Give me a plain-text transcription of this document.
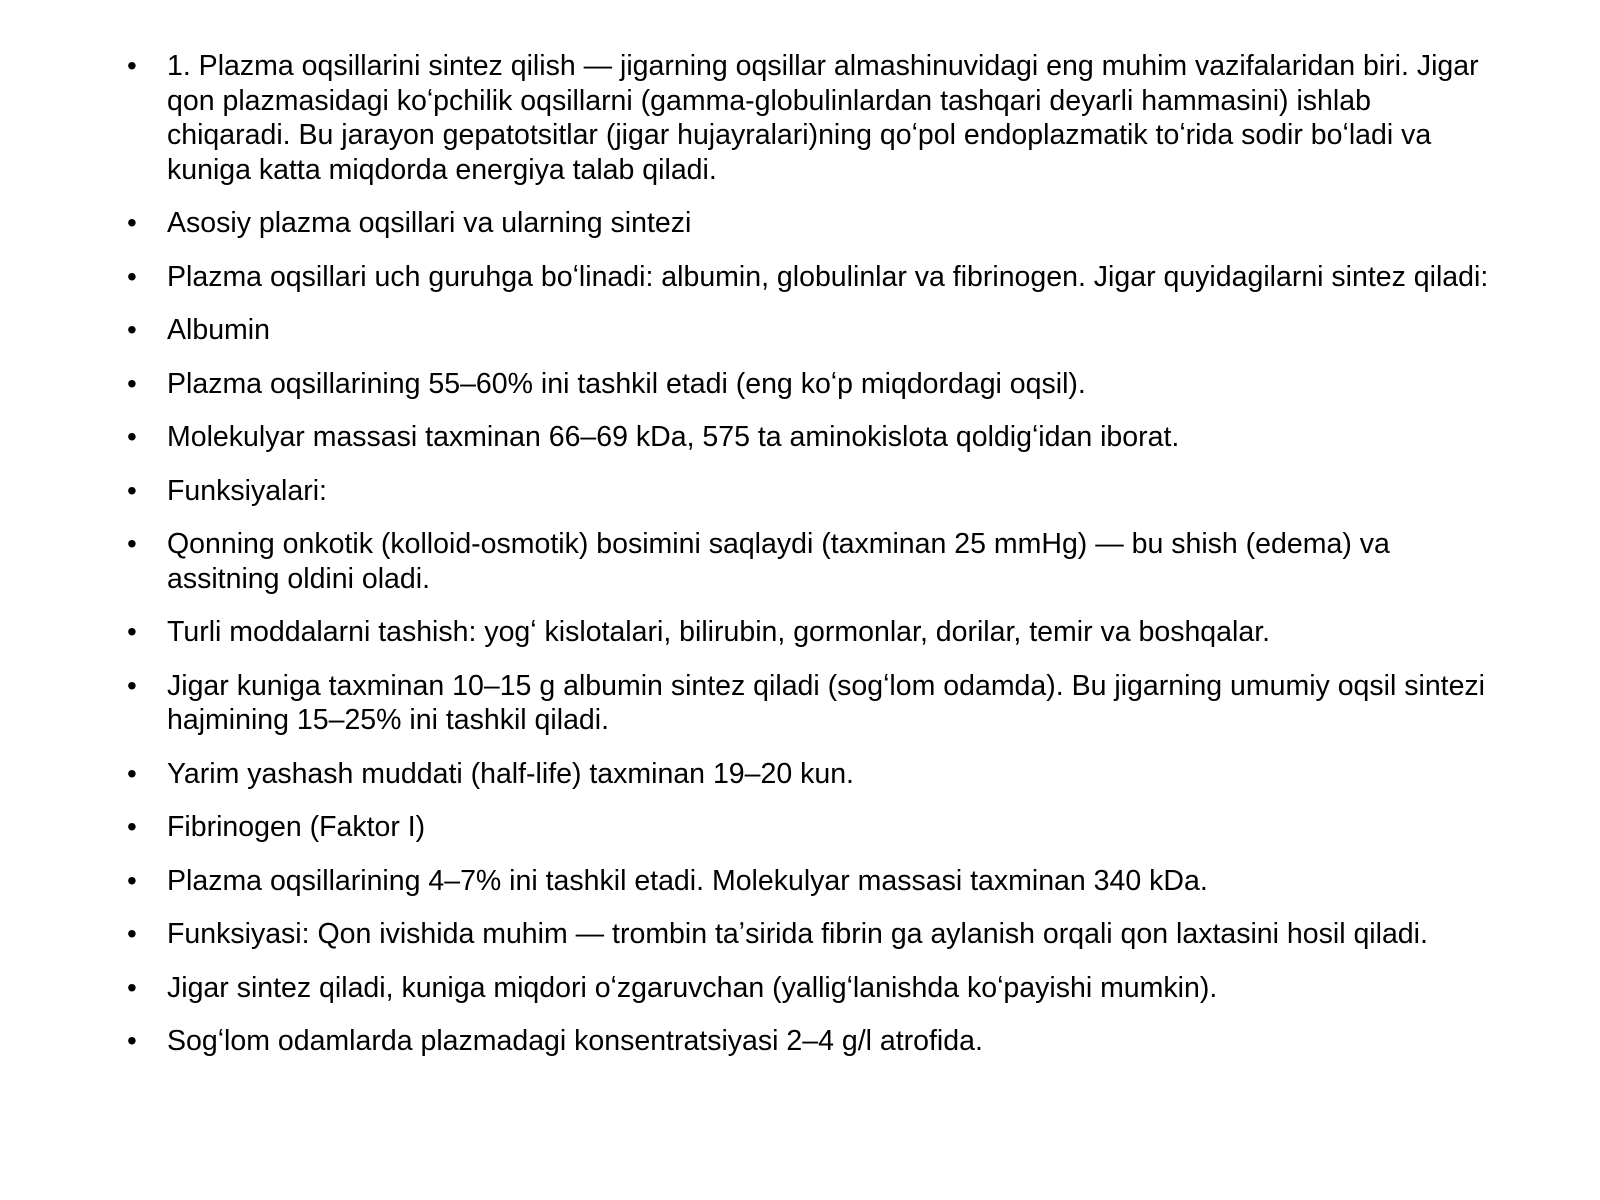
• 1. Plazma oqsillarini sintez qilish — jigarning oqsillar almashinuvidagi eng muhim vazifalaridan biri. Jigar qon plazmasidagi koʻpchilik oqsillarni (gamma-globulinlardan tashqari deyarli hammasini) ishlab chiqaradi. Bu jarayon gepatotsitlar (jigar hujayralari)ning qoʻpol endoplazmatik toʻrida sodir boʻladi va kuniga katta miqdorda energiya talab qiladi.
• Asosiy plazma oqsillari va ularning sintezi
• Plazma oqsillari uch guruhga boʻlinadi: albumin, globulinlar va fibrinogen. Jigar quyidagilarni sintez qiladi:
• Albumin
• Plazma oqsillarining 55–60% ini tashkil etadi (eng koʻp miqdordagi oqsil).
• Molekulyar massasi taxminan 66–69 kDa, 575 ta aminokislota qoldigʻidan iborat.
• Funksiyalari:
• Qonning onkotik (kolloid-osmotik) bosimini saqlaydi (taxminan 25 mmHg) — bu shish (edema) va assitning oldini oladi.
• Turli moddalarni tashish: yogʻ kislotalari, bilirubin, gormonlar, dorilar, temir va boshqalar.
• Jigar kuniga taxminan 10–15 g albumin sintez qiladi (sogʻlom odamda). Bu jigarning umumiy oqsil sintezi hajmining 15–25% ini tashkil qiladi.
• Yarim yashash muddati (half-life) taxminan 19–20 kun.
• Fibrinogen (Faktor I)
• Plazma oqsillarining 4–7% ini tashkil etadi. Molekulyar massasi taxminan 340 kDa.
• Funksiyasi: Qon ivishida muhim — trombin taʼsirida fibrin ga aylanish orqali qon laxtasini hosil qiladi.
• Jigar sintez qiladi, kuniga miqdori oʻzgaruvchan (yalligʻlanishda koʻpayishi mumkin).
• Sogʻlom odamlarda plazmadagi konsentratsiyasi 2–4 g/l atrofida.
